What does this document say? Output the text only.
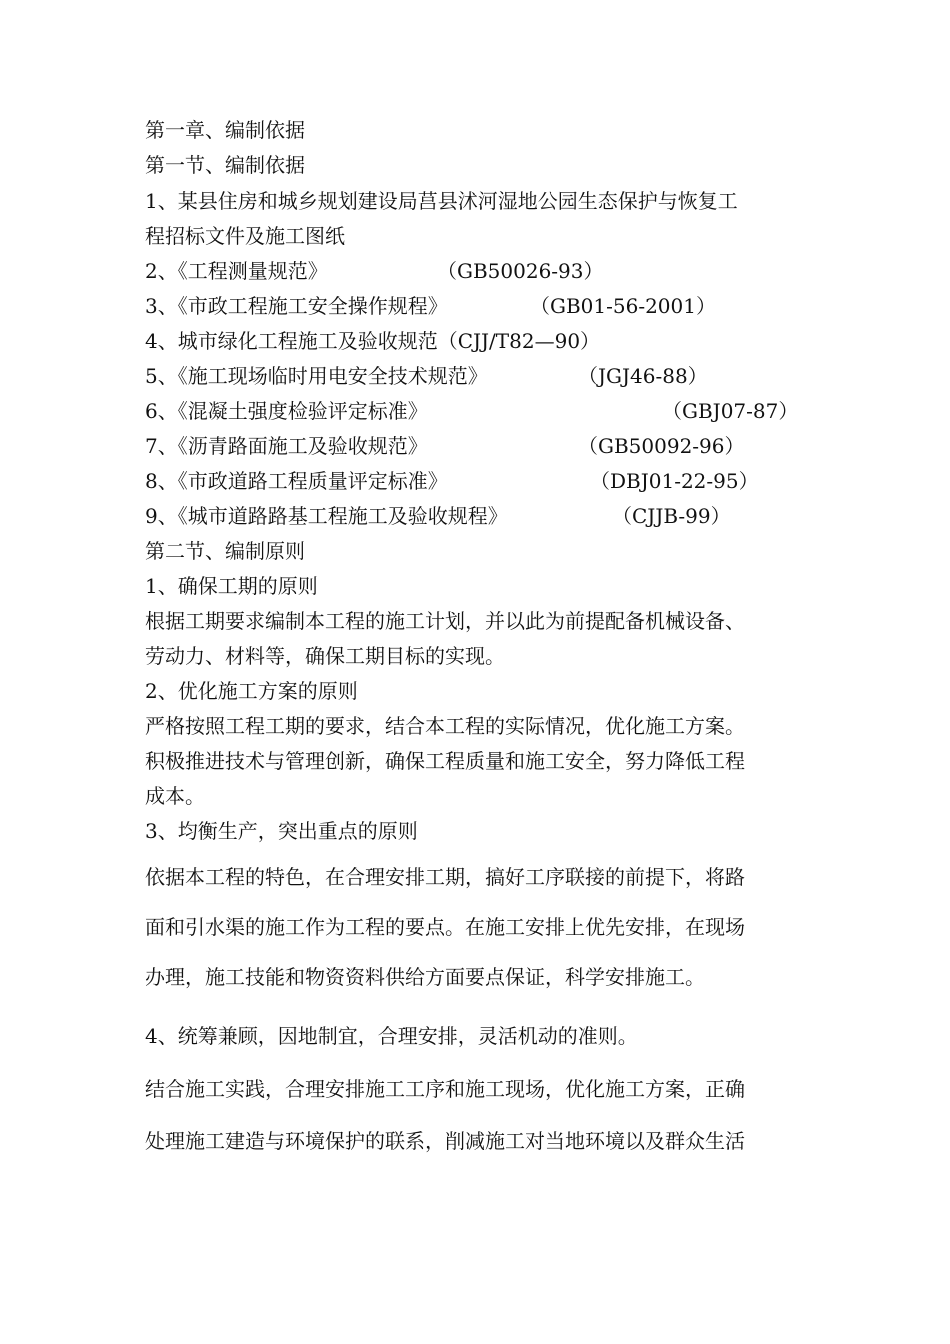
第一章、编制依据
第一节、编制依据
1、某县住房和城乡规划建设局莒县沭河湿地公园生态保护与恢复工
程招标文件及施工图纸
2、《工程测量规范》	（GB50026-93）
3、《市政工程施工安全操作规程》	（GB01-56-2001）
4、城市绿化工程施工及验收规范（CJJ/T82—90）
5、《施工现场临时用电安全技术规范》	（JGJ46-88）
6、《混凝土强度检验评定标准》	（GBJ07-87）
7、《沥青路面施工及验收规范》	（GB50092-96）
8、《市政道路工程质量评定标准》	（DBJ01-22-95）
9、《城市道路路基工程施工及验收规程》	（CJJB-99）
第二节、编制原则
1、确保工期的原则
根据工期要求编制本工程的施工计划，并以此为前提配备机械设备、
劳动力、材料等，确保工期目标的实现。
2、优化施工方案的原则
严格按照工程工期的要求，结合本工程的实际情况，优化施工方案。
积极推进技术与管理创新，确保工程质量和施工安全，努力降低工程
成本。
3、均衡生产，突出重点的原则
依据本工程的特色，在合理安排工期，搞好工序联接的前提下，将路
面和引水渠的施工作为工程的要点。在施工安排上优先安排，在现场
办理，施工技能和物资资料供给方面要点保证，科学安排施工。
4、统筹兼顾，因地制宜，合理安排，灵活机动的准则。
结合施工实践，合理安排施工工序和施工现场，优化施工方案，正确
处理施工建造与环境保护的联系，削减施工对当地环境以及群众生活
